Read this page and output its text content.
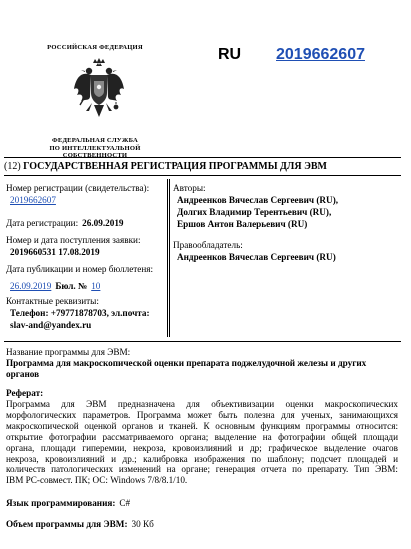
РОССИЙСКАЯ ФЕДЕРАЦИЯ
ФЕДЕРАЛЬНАЯ СЛУЖБА
ПО ИНТЕЛЛЕКТУАЛЬНОЙ СОБСТВЕННОСТИ
RU 2019662607
(12) ГОСУДАРСТВЕННАЯ РЕГИСТРАЦИЯ ПРОГРАММЫ ДЛЯ ЭВМ
Номер регистрации (свидетельства):
2019662607
Дата регистрации: 26.09.2019
Номер и дата поступления заявки:
2019660531 17.08.2019
Дата публикации и номер бюллетеня:
26.09.2019 Бюл. № 10
Контактные реквизиты:
Телефон: +79771878703, эл.почта:
slav-and@yandex.ru
Авторы:
Андреенков Вячеслав Сергеевич (RU),
Долгих Владимир Терентьевич (RU),
Ершов Антон Валерьевич (RU)
Правообладатель:
Андреенков Вячеслав Сергеевич (RU)
Название программы для ЭВМ:
Программа для макроскопической оценки препарата поджелудочной железы и других
органов
Реферат:
Программа для ЭВМ предназначена для объективизации оценки макроскопических
морфологических параметров. Программа может быть полезна для ученых, занимающихся
макроскопической оценкой органов и тканей. К основным функциям программы относится:
открытие фотографии рассматриваемого органа; выделение на фотографии общей площади
органа, площади гиперемии, некроза, кровоизлияний и др; графическое выделение очагов
некроза, кровоизлияний и др.; калибровка изображения по шаблону; подсчет площадей и
количеств патологических изменений на органе; генерация отчета по препарату. Тип ЭВМ:
IBM PC-совмест. ПК; ОС: Windows 7/8/8.1/10.
Язык программирования: C#
Объем программы для ЭВМ: 30 Кб
